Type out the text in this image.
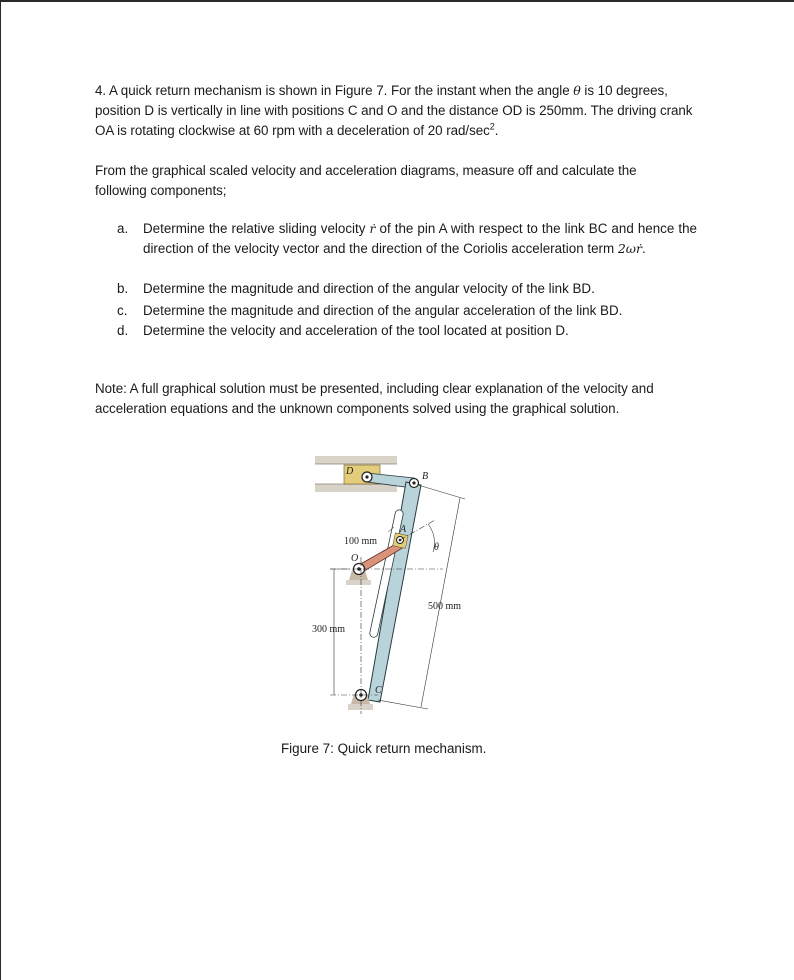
4. A quick return mechanism is shown in Figure 7. For the instant when the angle θ is 10 degrees, position D is vertically in line with positions C and O and the distance OD is 250mm. The driving crank OA is rotating clockwise at 60 rpm with a deceleration of 20 rad/$\sec^2$.
From the graphical scaled velocity and acceleration diagrams, measure off and calculate the following components;
a. Determine the relative sliding velocity ṙ of the pin A with respect to the link BC and hence the direction of the velocity vector and the direction of the Coriolis acceleration term 2ωṙ.
b. Determine the magnitude and direction of the angular velocity of the link BD.
c. Determine the magnitude and direction of the angular acceleration of the link BD.
d. Determine the velocity and acceleration of the tool located at position D.
Note: A full graphical solution must be presented, including clear explanation of the velocity and acceleration equations and the unknown components solved using the graphical solution.
D	B
A
O
C
θ
100 mm
300 mm
500 mm
Figure 7: Quick return mechanism.
